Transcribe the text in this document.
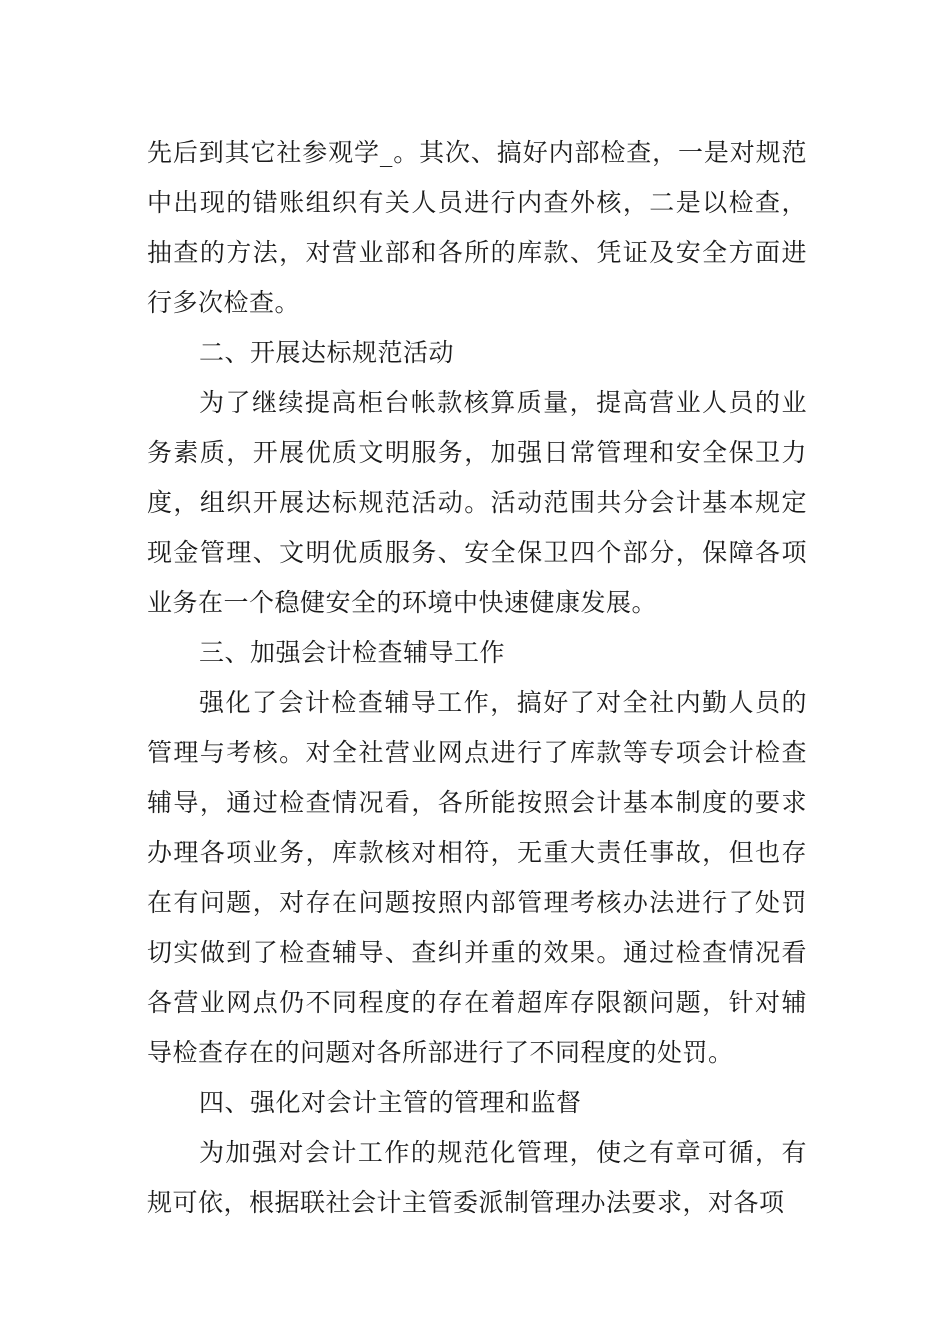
先后到其它社参观学_。其次、搞好内部检查，一是对规范中出现的错账组织有关人员进行内查外核，二是以检查，抽查的方法，对营业部和各所的库款、凭证及安全方面进行多次检查。

二、开展达标规范活动

为了继续提高柜台帐款核算质量，提高营业人员的业务素质，开展优质文明服务，加强日常管理和安全保卫力度，组织开展达标规范活动。活动范围共分会计基本规定现金管理、文明优质服务、安全保卫四个部分，保障各项业务在一个稳健安全的环境中快速健康发展。

三、加强会计检查辅导工作

强化了会计检查辅导工作，搞好了对全社内勤人员的管理与考核。对全社营业网点进行了库款等专项会计检查辅导，通过检查情况看，各所能按照会计基本制度的要求办理各项业务，库款核对相符，无重大责任事故，但也存在有问题，对存在问题按照内部管理考核办法进行了处罚切实做到了检查辅导、查纠并重的效果。通过检查情况看各营业网点仍不同程度的存在着超库存限额问题，针对辅导检查存在的问题对各所部进行了不同程度的处罚。

四、强化对会计主管的管理和监督

为加强对会计工作的规范化管理，使之有章可循，有规可依，根据联社会计主管委派制管理办法要求，对各项
